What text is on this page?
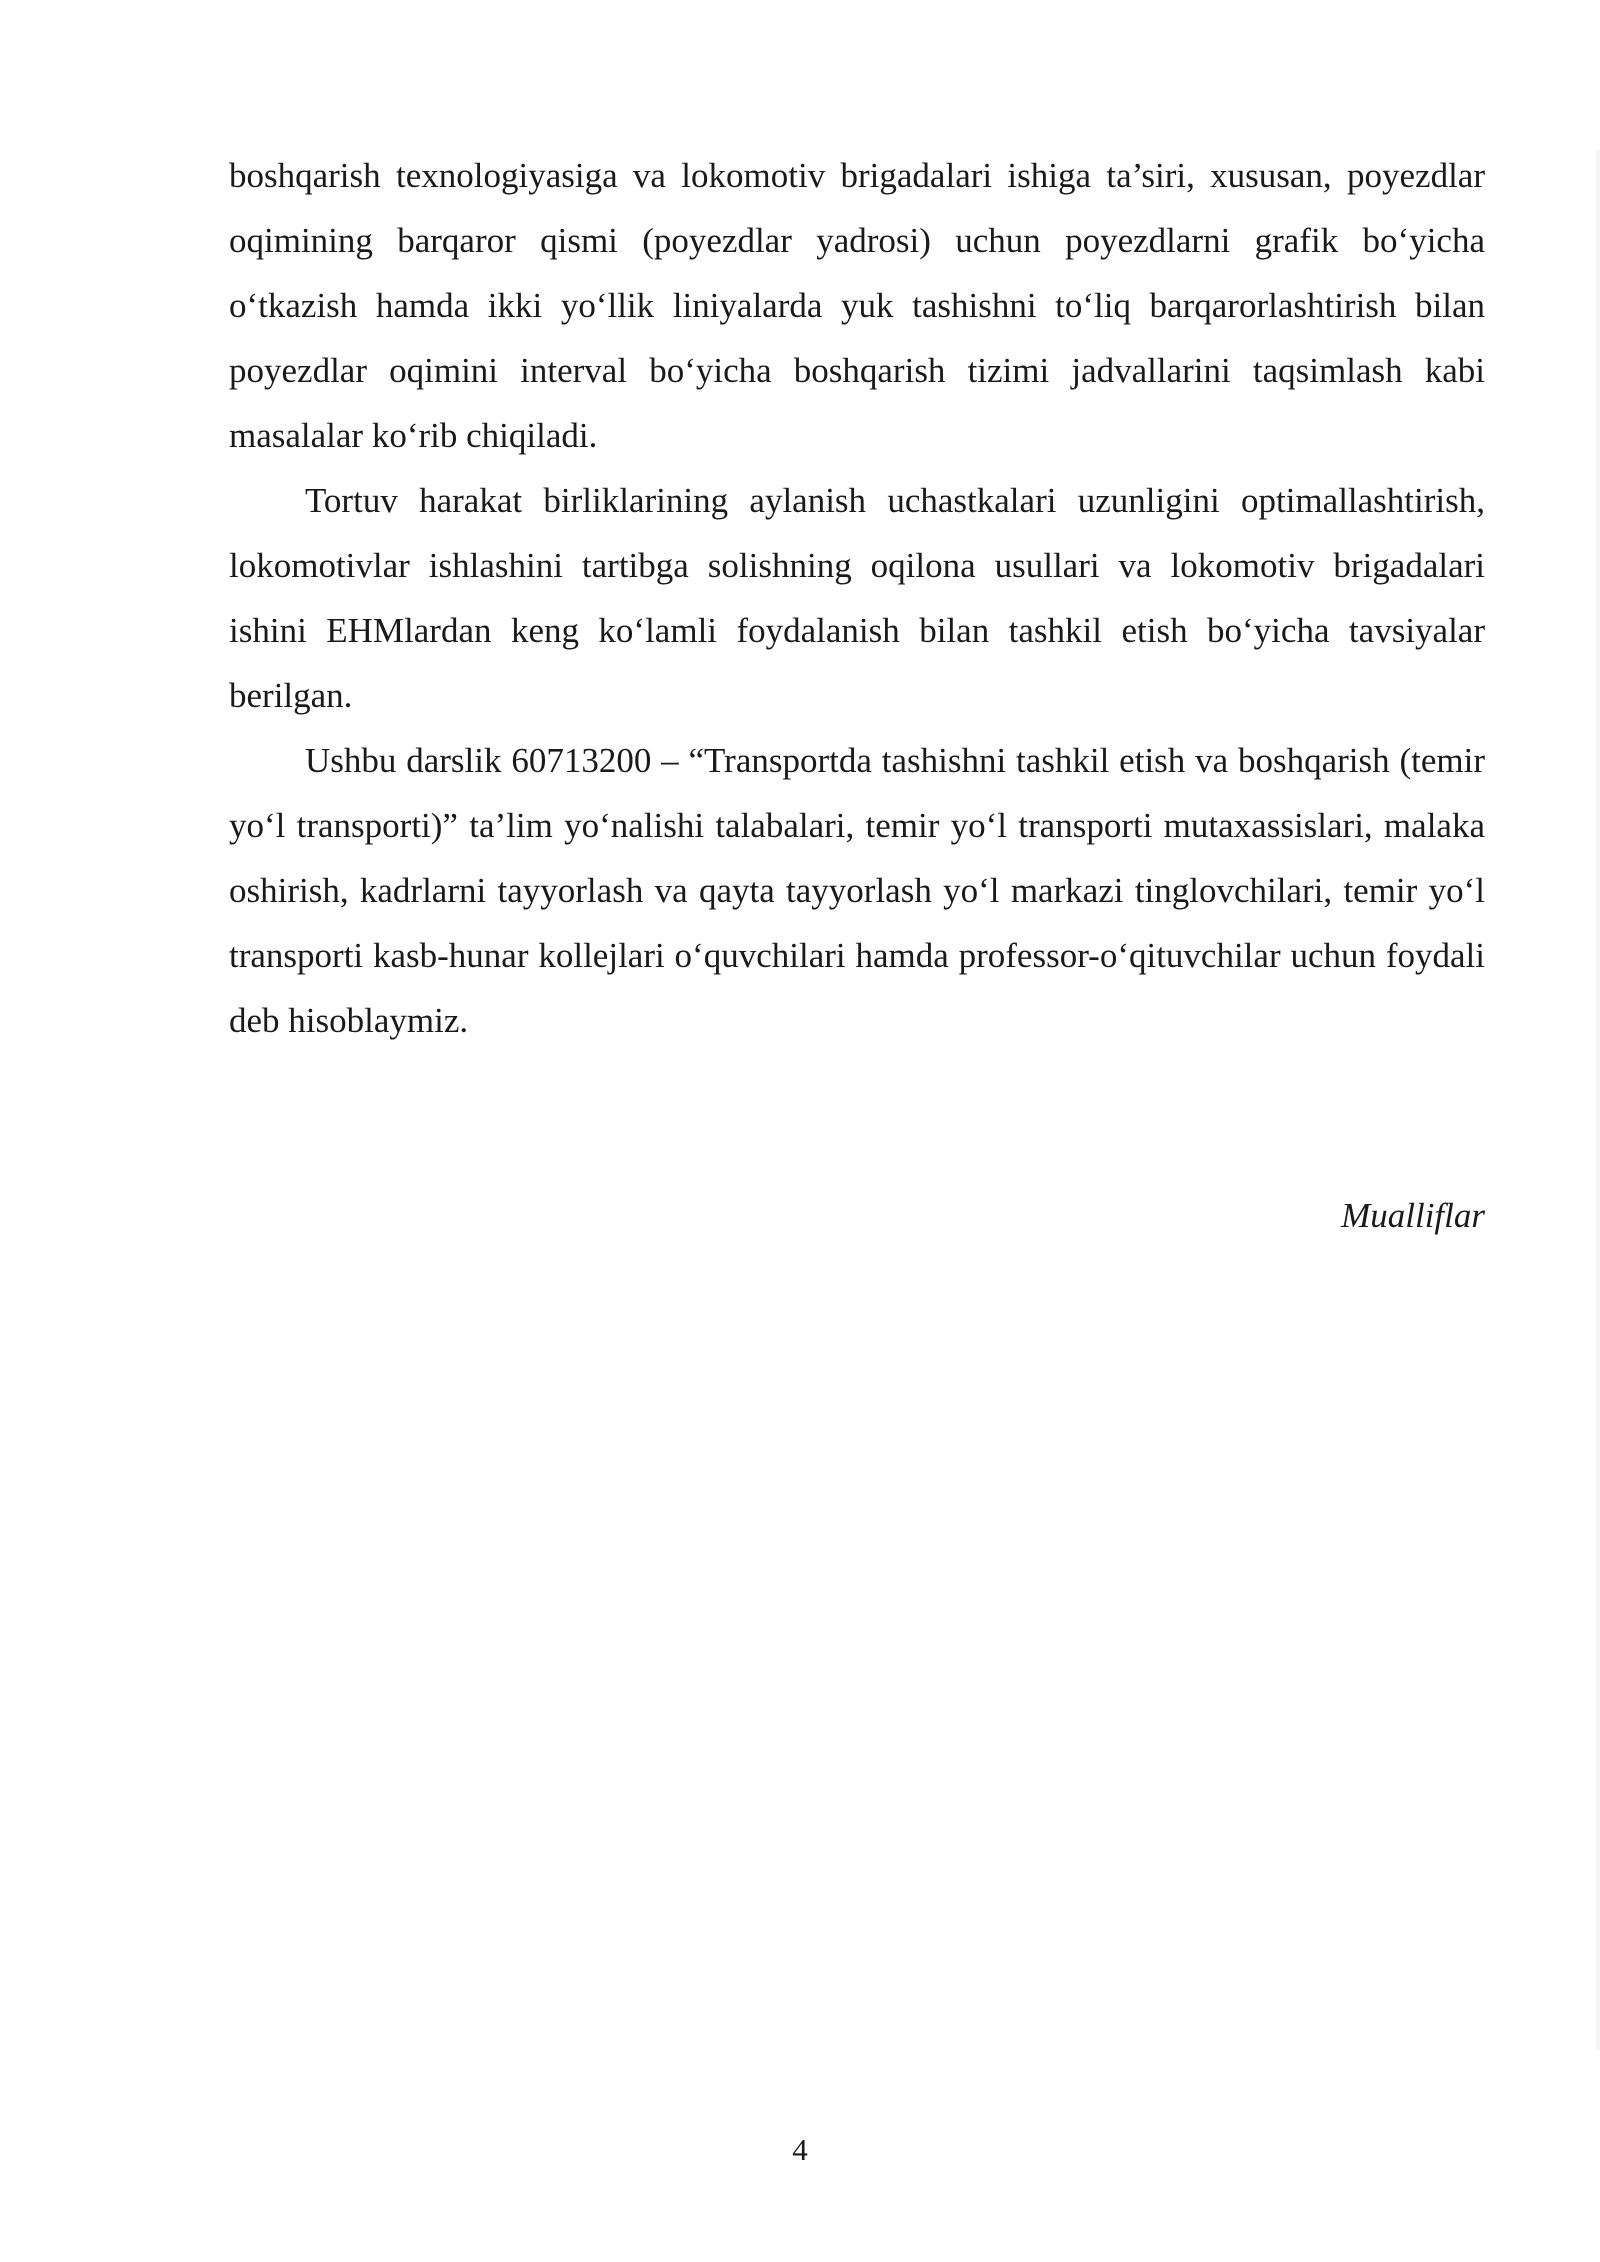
boshqarish texnologiyasiga va lokomotiv brigadalari ishiga ta’siri, xususan, poyezdlar oqimining barqaror qismi (poyezdlar yadrosi) uchun poyezdlarni grafik bo‘yicha o‘tkazish hamda ikki yo‘llik liniyalarda yuk tashishni to‘liq barqarorlashtirish bilan poyezdlar oqimini interval bo‘yicha boshqarish tizimi jadvallarini taqsimlash kabi masalalar ko‘rib chiqiladi.

Tortuv harakat birliklarining aylanish uchastkalari uzunligini optimallashtirish, lokomotivlar ishlashini tartibga solishning oqilona usullari va lokomotiv brigadalari ishini EHMlardan keng ko‘lamli foydalanish bilan tashkil etish bo‘yicha tavsiyalar berilgan.

Ushbu darslik 60713200 – “Transportda tashishni tashkil etish va boshqarish (temir yo‘l transporti)” ta’lim yo‘nalishi talabalari, temir yo‘l transporti mutaxassislari, malaka oshirish, kadrlarni tayyorlash va qayta tayyorlash yo‘l markazi tinglovchilari, temir yo‘l transporti kasb-hunar kollejlari o‘quvchilari hamda professor-o‘qituvchilar uchun foydali deb hisoblaymiz.

Mualliflar
4
